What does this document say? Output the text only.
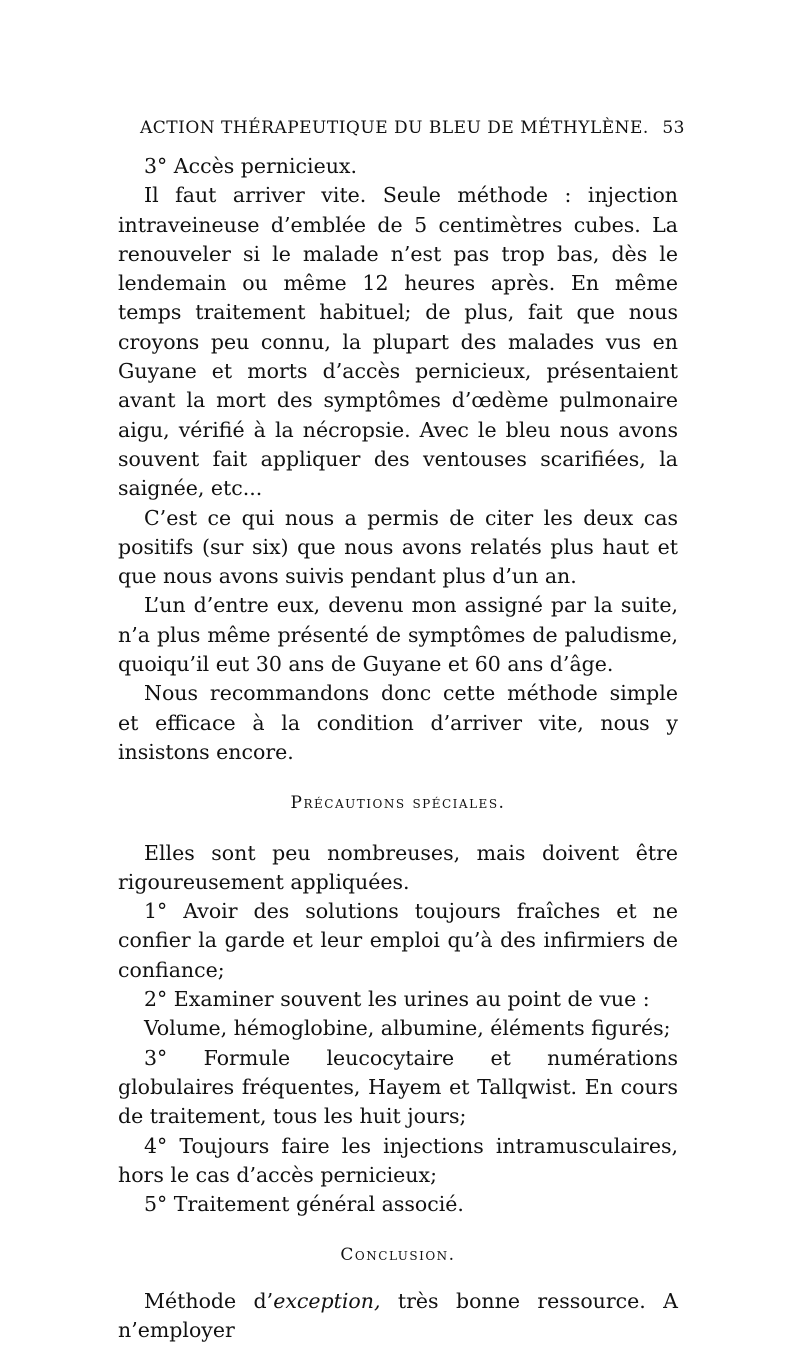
ACTION THÉRAPEUTIQUE DU BLEU DE MÉTHYLÈNE. 53
3° Accès pernicieux.
Il faut arriver vite. Seule méthode : injection intraveineuse d’emblée de 5 centimètres cubes. La renouveler si le malade n’est pas trop bas, dès le lendemain ou même 12 heures après. En même temps traitement habituel; de plus, fait que nous croyons peu connu, la plupart des malades vus en Guyane et morts d’accès pernicieux, présentaient avant la mort des symptômes d’œdème pulmonaire aigu, vérifié à la nécropsie. Avec le bleu nous avons souvent fait appliquer des ventouses scarifiées, la saignée, etc...
C’est ce qui nous a permis de citer les deux cas positifs (sur six) que nous avons relatés plus haut et que nous avons suivis pendant plus d’un an.
L’un d’entre eux, devenu mon assigné par la suite, n’a plus même présenté de symptômes de paludisme, quoiqu’il eut 30 ans de Guyane et 60 ans d’âge.
Nous recommandons donc cette méthode simple et efficace à la condition d’arriver vite, nous y insistons encore.
Précautions spéciales.
Elles sont peu nombreuses, mais doivent être rigoureusement appliquées.
1° Avoir des solutions toujours fraîches et ne confier la garde et leur emploi qu’à des infirmiers de confiance;
2° Examiner souvent les urines au point de vue :
Volume, hémoglobine, albumine, éléments figurés;
3° Formule leucocytaire et numérations globulaires fréquentes, Hayem et Tallqwist. En cours de traitement, tous les huit jours;
4° Toujours faire les injections intramusculaires, hors le cas d’accès pernicieux;
5° Traitement général associé.
Conclusion.
Méthode d’exception, très bonne ressource. A n’employer
